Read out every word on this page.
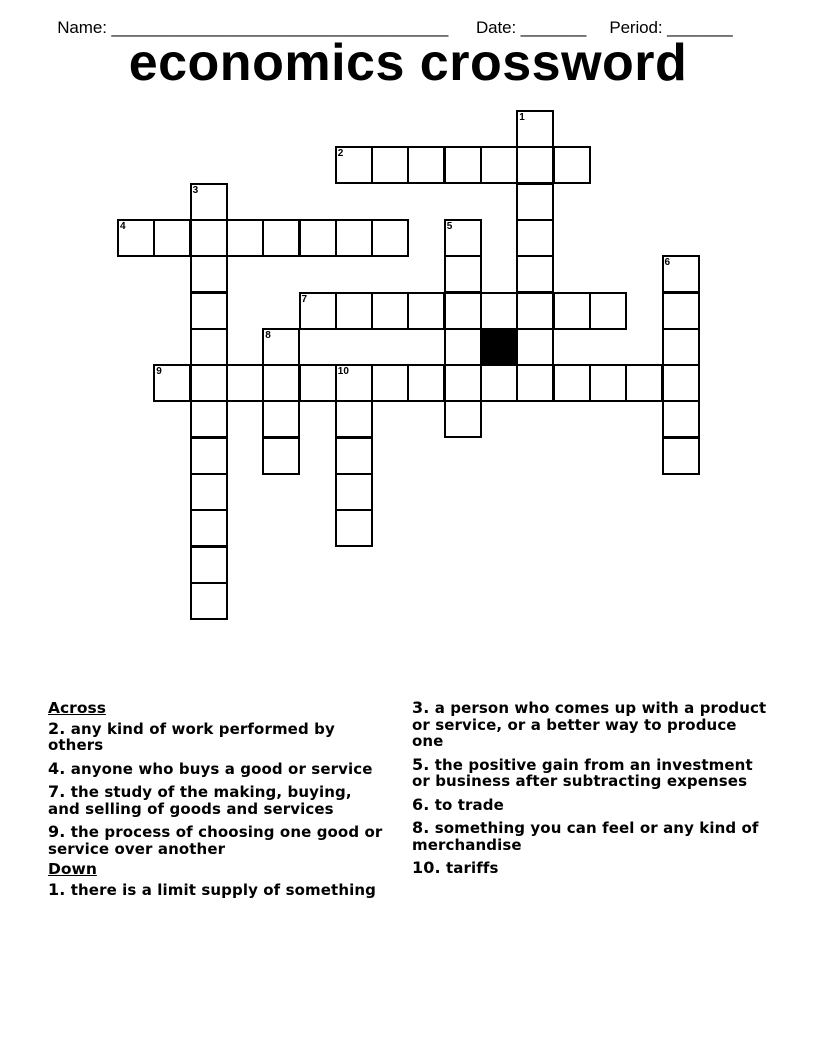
Name: ____________________________________ Date: _______ Period: _______

economics crossword
1
2
3
4	5
6
7
8
9	10
Across
2. any kind of work performed by others
4. anyone who buys a good or service
7. the study of the making, buying, and selling of goods and services
9. the process of choosing one good or service over another
Down
1. there is a limit supply of something
3. a person who comes up with a product or service, or a better way to produce one
5. the positive gain from an investment or business after subtracting expenses
6. to trade
8. something you can feel or any kind of merchandise
10. tariffs
